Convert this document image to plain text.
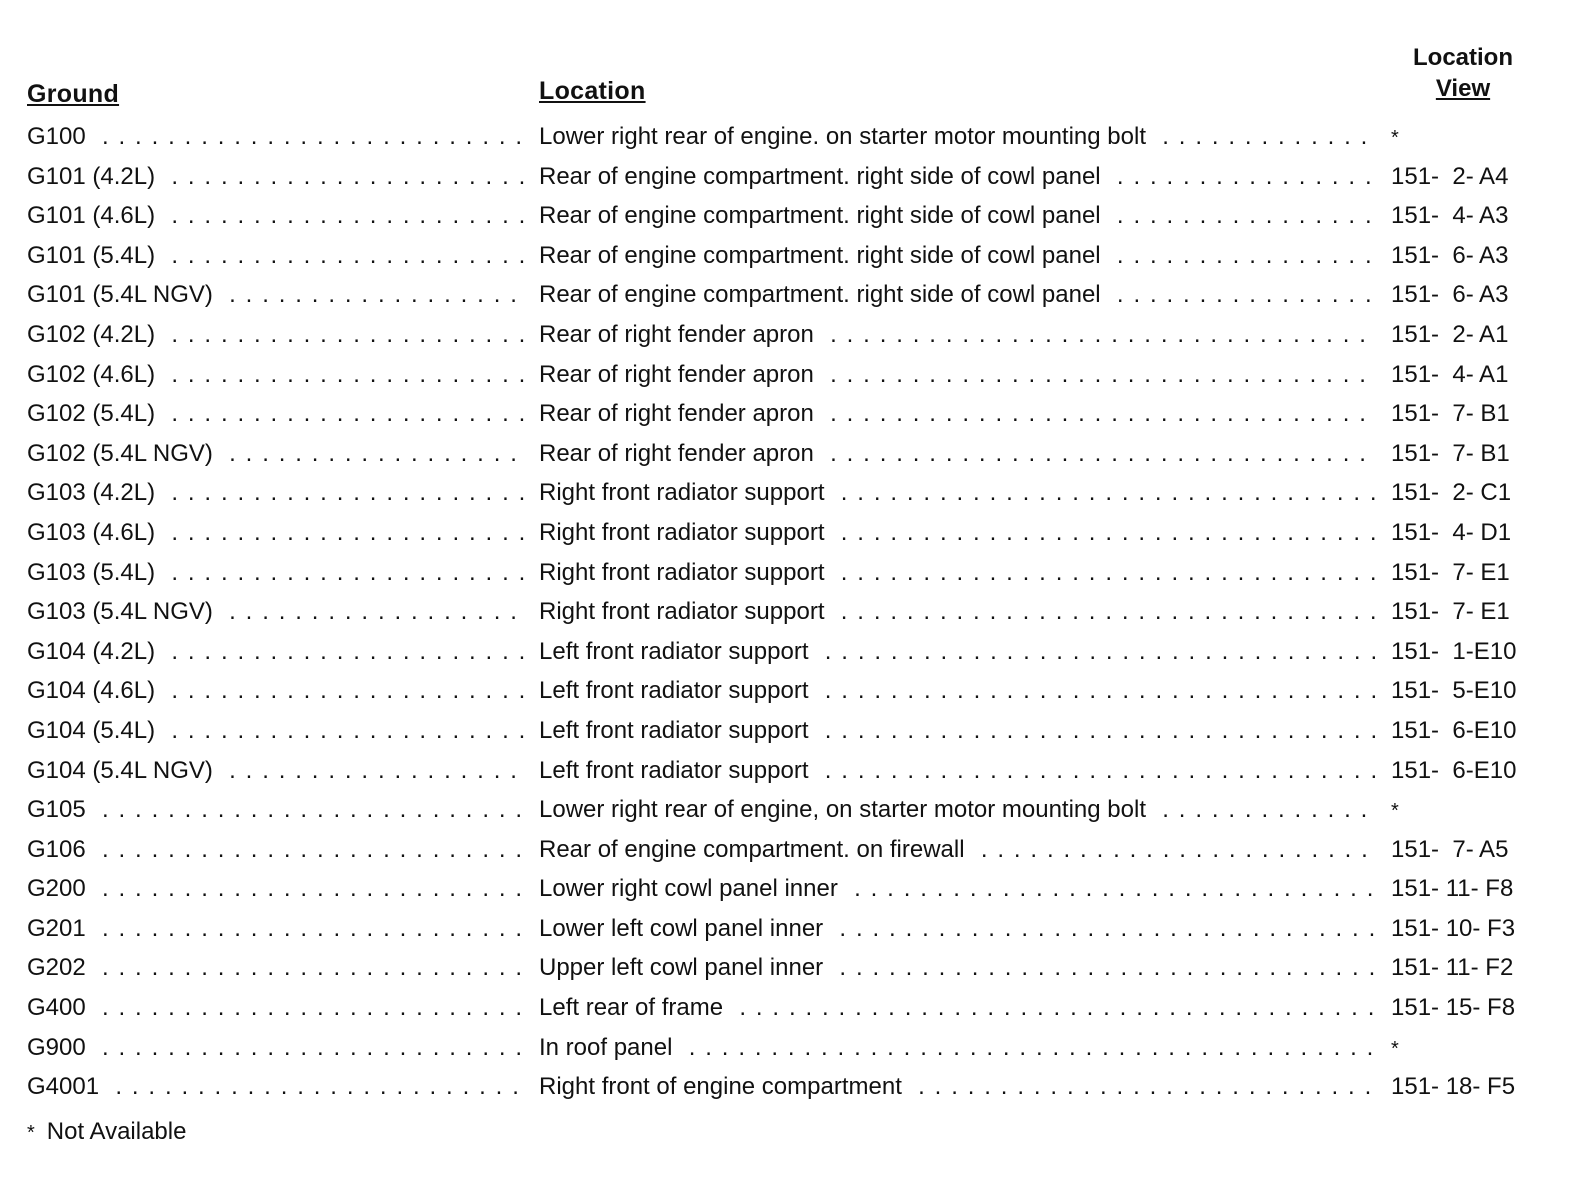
Ground	Location
Location
View
G100 . . .	Lower right rear of engine. on starter motor mounting bolt . . .	*
G101 (4.2L) . . .	Rear of engine compartment. right side of cowl panel . . .	151-  2- A4
G101 (4.6L) . . .	Rear of engine compartment. right side of cowl panel . . .	151-  4- A3
G101 (5.4L) . . .	Rear of engine compartment. right side of cowl panel . . .	151-  6- A3
G101 (5.4L NGV) . . .	Rear of engine compartment. right side of cowl panel . . .	151-  6- A3
G102 (4.2L) . . .	Rear of right fender apron . . .	151-  2- A1
G102 (4.6L) . . .	Rear of right fender apron . . .	151-  4- A1
G102 (5.4L) . . .	Rear of right fender apron . . .	151-  7- B1
G102 (5.4L NGV) . . .	Rear of right fender apron . . .	151-  7- B1
G103 (4.2L) . . .	Right front radiator support . . .	151-  2- C1
G103 (4.6L) . . .	Right front radiator support . . .	151-  4- D1
G103 (5.4L) . . .	Right front radiator support . . .	151-  7- E1
G103 (5.4L NGV) . . .	Right front radiator support . . .	151-  7- E1
G104 (4.2L) . . .	Left front radiator support . . .	151-  1-E10
G104 (4.6L) . . .	Left front radiator support . . .	151-  5-E10
G104 (5.4L) . . .	Left front radiator support . . .	151-  6-E10
G104 (5.4L NGV) . . .	Left front radiator support . . .	151-  6-E10
G105 . . .	Lower right rear of engine, on starter motor mounting bolt . . .	*
G106 . . .	Rear of engine compartment. on firewall . . .	151-  7- A5
G200 . . .	Lower right cowl panel inner . . .	151- 11- F8
G201 . . .	Lower left cowl panel inner . . .	151- 10- F3
G202 . . .	Upper left cowl panel inner . . .	151- 11- F2
G400 . . .	Left rear of frame . . .	151- 15- F8
G900 . . .	In roof panel . . .	*
G4001 . . .	Right front of engine compartment . . .	151- 18- F5
* Not Available
